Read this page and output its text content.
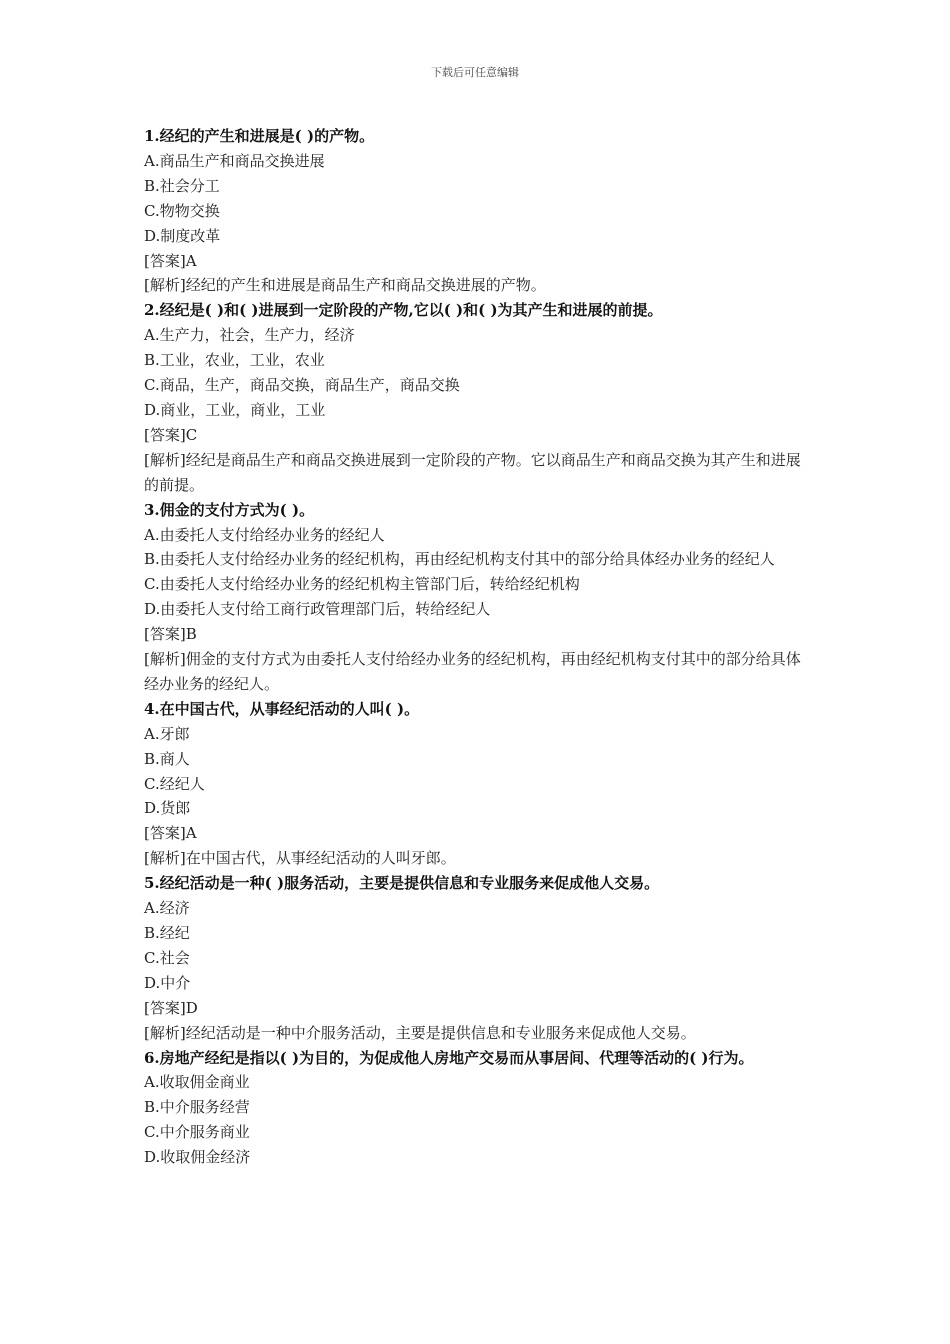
下载后可任意编辑

1.经纪的产生和进展是( )的产物。

A.商品生产和商品交换进展

B.社会分工

C.物物交换

D.制度改革

[答案]A

[解析]经纪的产生和进展是商品生产和商品交换进展的产物。

2.经纪是( )和( )进展到一定阶段的产物,它以( )和( )为其产生和进展的前提。

A.生产力，社会，生产力，经济

B.工业，农业，工业，农业

C.商品，生产，商品交换，商品生产，商品交换

D.商业，工业，商业，工业

[答案]C

[解析]经纪是商品生产和商品交换进展到一定阶段的产物。它以商品生产和商品交换为其产生和进展的前提。

3.佣金的支付方式为( )。

A.由委托人支付给经办业务的经纪人

B.由委托人支付给经办业务的经纪机构，再由经纪机构支付其中的部分给具体经办业务的经纪人

C.由委托人支付给经办业务的经纪机构主管部门后，转给经纪机构

D.由委托人支付给工商行政管理部门后，转给经纪人

[答案]B

[解析]佣金的支付方式为由委托人支付给经办业务的经纪机构，再由经纪机构支付其中的部分给具体经办业务的经纪人。

4.在中国古代，从事经纪活动的人叫( )。

A.牙郎

B.商人

C.经纪人

D.货郎

[答案]A

[解析]在中国古代，从事经纪活动的人叫牙郎。

5.经纪活动是一种( )服务活动，主要是提供信息和专业服务来促成他人交易。

A.经济

B.经纪

C.社会

D.中介

[答案]D

[解析]经纪活动是一种中介服务活动，主要是提供信息和专业服务来促成他人交易。

6.房地产经纪是指以( )为目的，为促成他人房地产交易而从事居间、代理等活动的( )行为。

A.收取佣金商业

B.中介服务经营

C.中介服务商业

D.收取佣金经济
